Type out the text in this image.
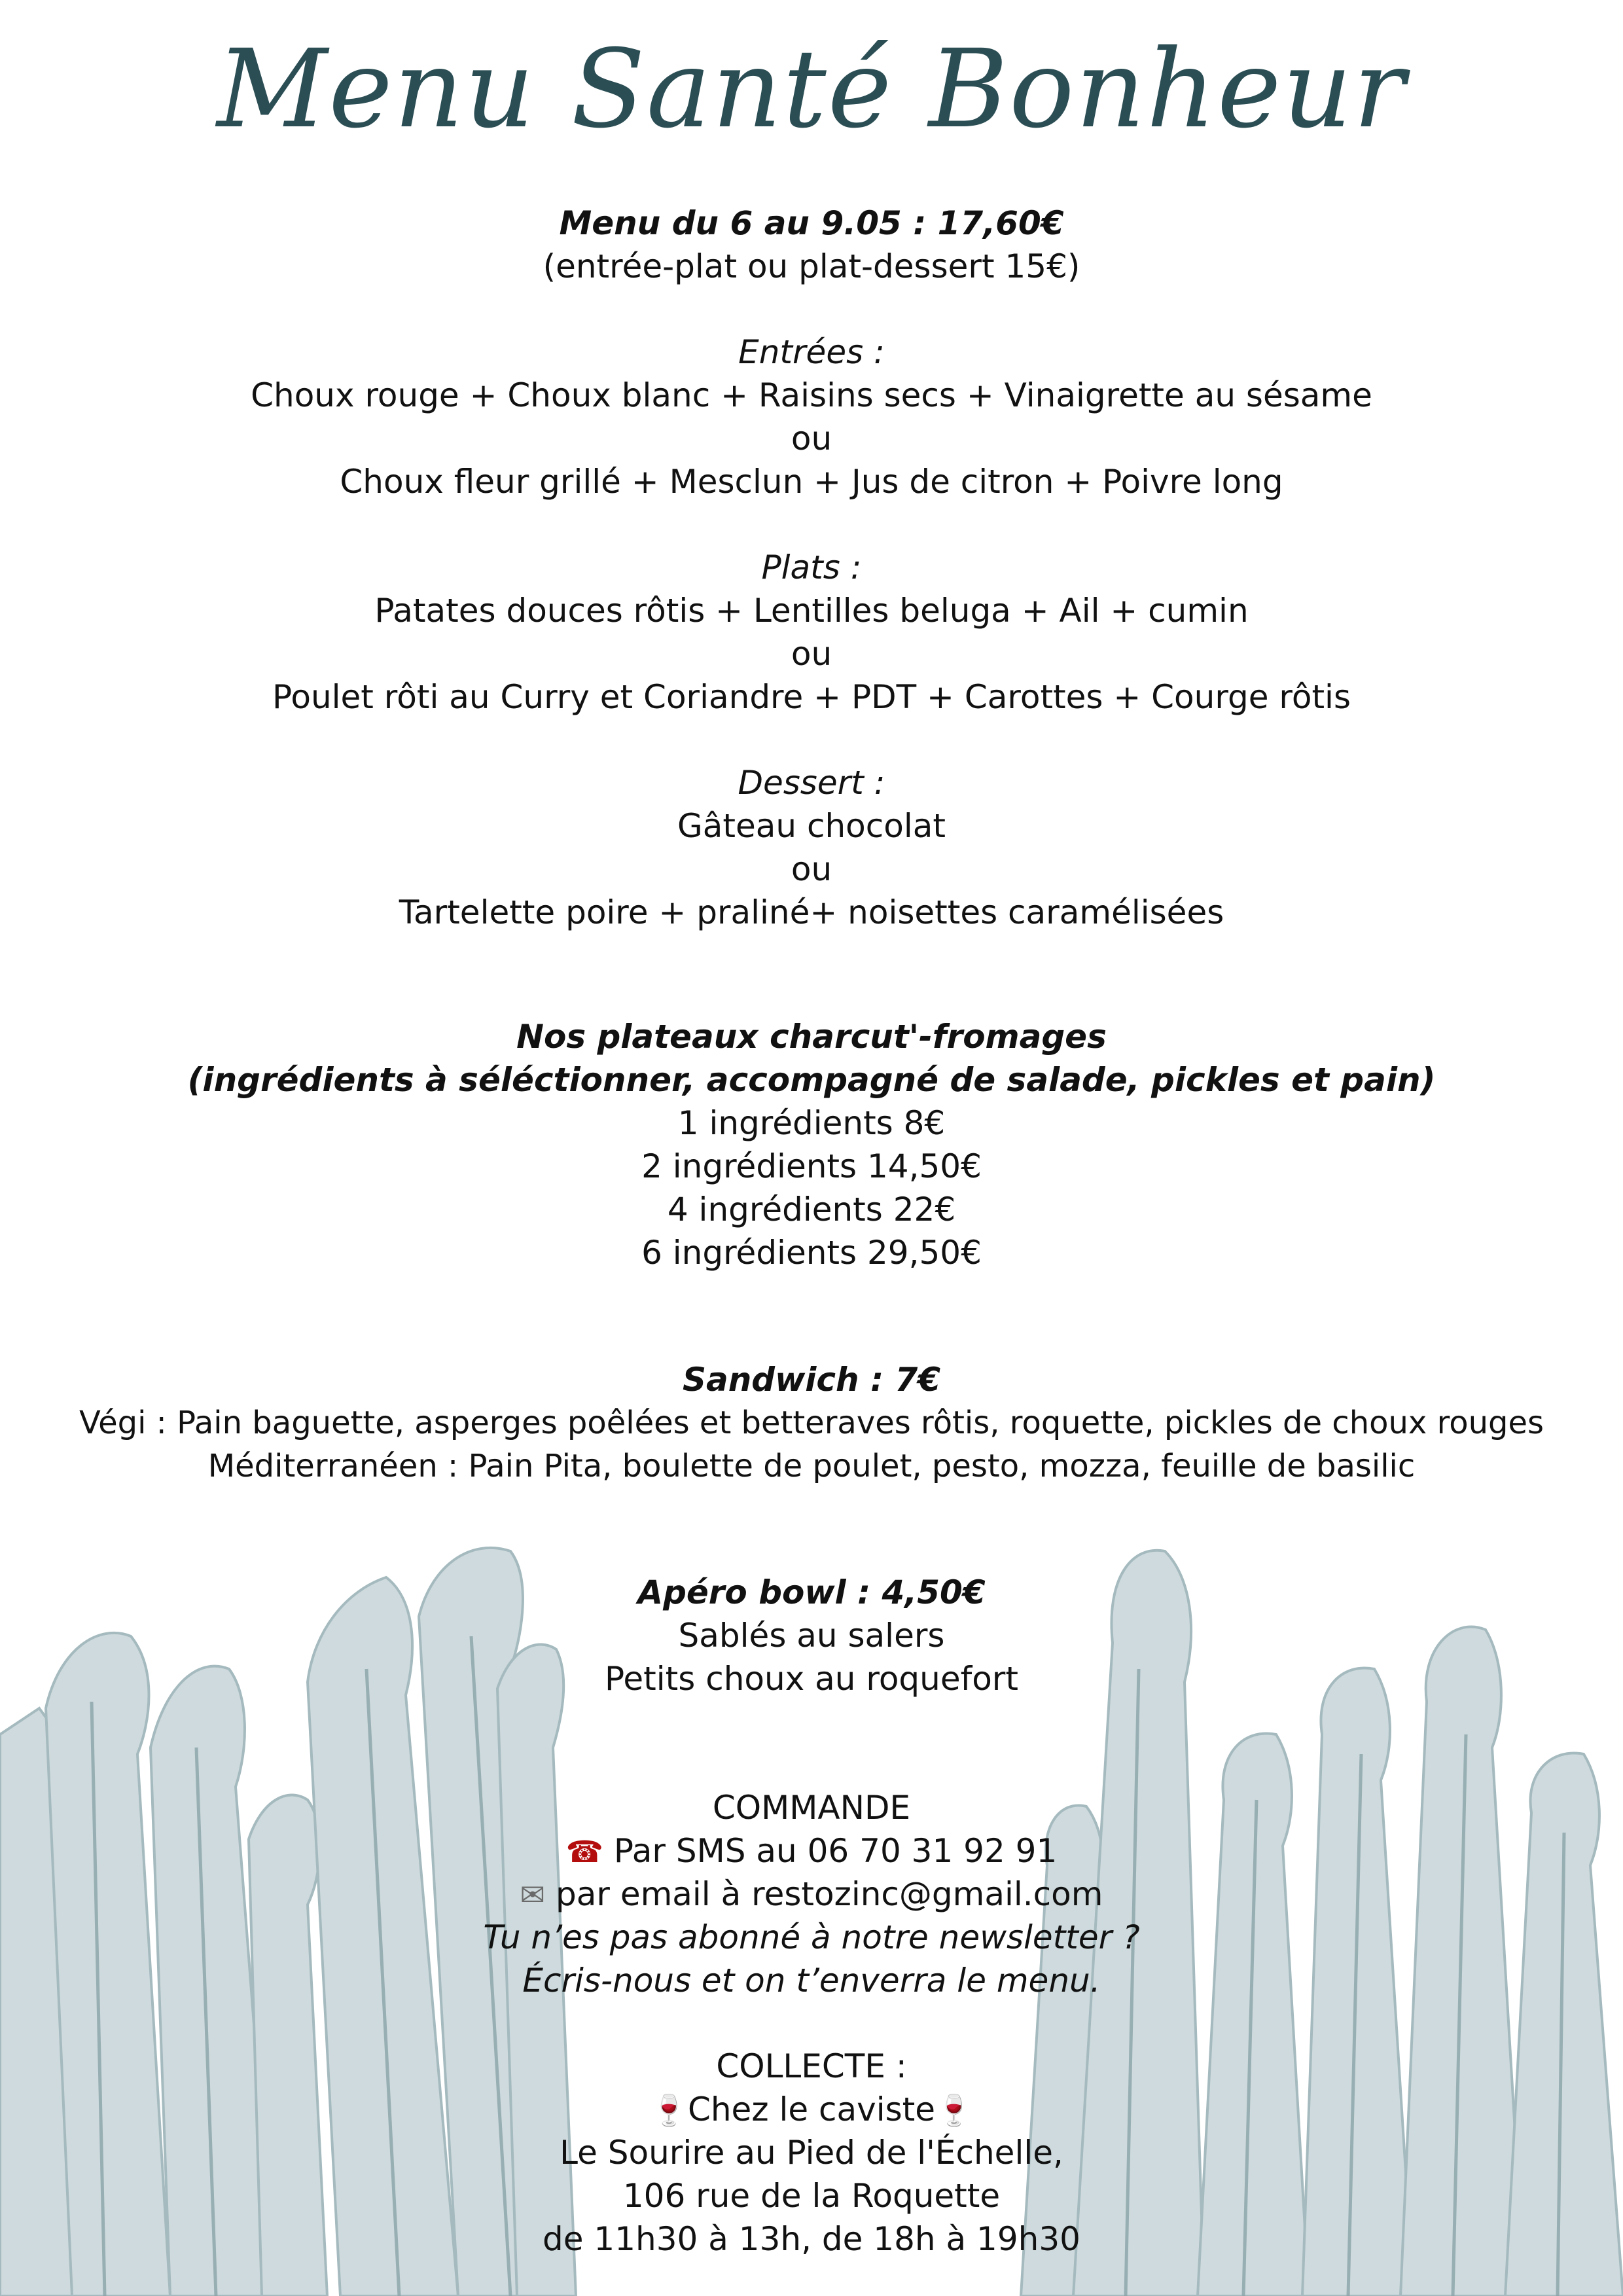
Menu Santé Bonheur
Menu du 6 au 9.05 : 17,60€
(entrée-plat ou plat-dessert 15€)
Entrées :
Choux rouge + Choux blanc + Raisins secs + Vinaigrette au sésame
ou
Choux fleur grillé + Mesclun + Jus de citron + Poivre long
Plats :
Patates douces rôtis + Lentilles beluga + Ail + cumin
ou
Poulet rôti au Curry et Coriandre + PDT + Carottes + Courge rôtis
Dessert :
Gâteau chocolat
ou
Tartelette poire + praliné+ noisettes caramélisées
Nos plateaux charcut'-fromages
(ingrédients à séléctionner, accompagné de salade, pickles et pain)
1 ingrédients 8€
2 ingrédients 14,50€
4 ingrédients 22€
6 ingrédients 29,50€
Sandwich : 7€
Végi : Pain baguette, asperges poêlées et betteraves rôtis, roquette, pickles de choux rouges
Méditerranéen : Pain Pita, boulette de poulet, pesto, mozza, feuille de basilic
Apéro bowl : 4,50€
Sablés au salers
Petits choux au roquefort
COMMANDE
☎ Par SMS au 06 70 31 92 91
✉ par email à restozinc@gmail.com
Tu n’es pas abonné à notre newsletter ?
Écris-nous et on t’enverra le menu.
COLLECTE :
🍷Chez le caviste🍷
Le Sourire au Pied de l'Échelle,
106 rue de la Roquette
de 11h30 à 13h, de 18h à 19h30
